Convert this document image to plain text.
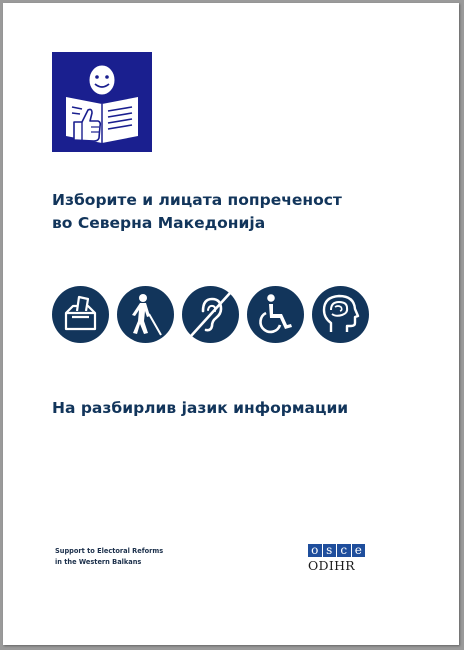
Изборите и лицата попреченост
во Северна Македонија
На разбирлив јазик информации
Support to Electoral Reforms
in the Western Balkans
o s c e
ODIHR
